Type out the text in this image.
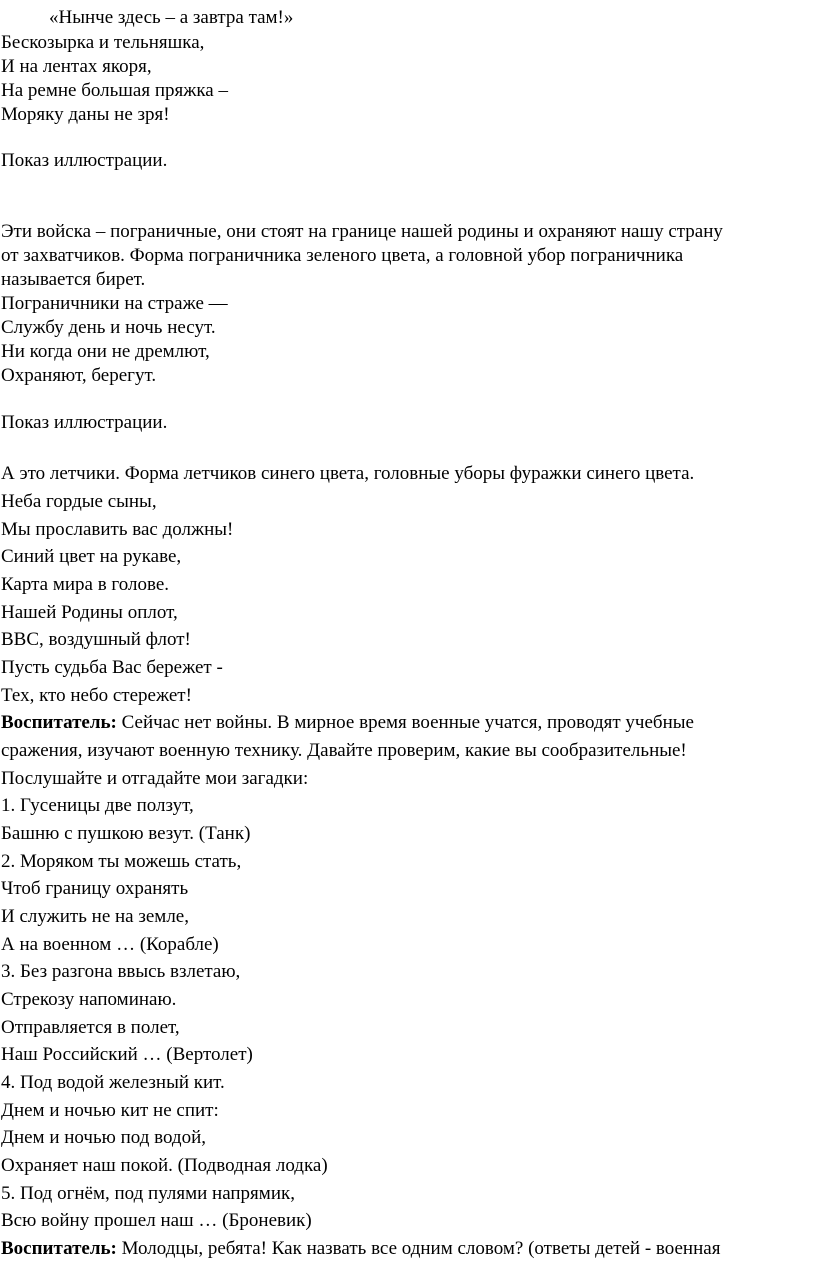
«Нынче здесь – а завтра там!»
Бескозырка и тельняшка,
И на лентах якоря,
На ремне большая пряжка –
Моряку даны не зря!
Показ иллюстрации.
Эти войска – пограничные, они стоят на границе нашей родины и охраняют нашу страну
от захватчиков. Форма пограничника зеленого цвета, а головной убор пограничника
называется бирет.
Пограничники на страже —
Службу день и ночь несут.
Ни когда они не дремлют,
Охраняют, берегут.
Показ иллюстрации.
А это летчики. Форма летчиков синего цвета, головные уборы фуражки синего цвета.
Неба гордые сыны,
Мы прославить вас должны!
Синий цвет на рукаве,
Карта мира в голове.
Нашей Родины оплот,
ВВС, воздушный флот!
Пусть судьба Вас бережет -
Тех, кто небо стережет!
Воспитатель: Сейчас нет войны. В мирное время военные учатся, проводят учебные
сражения, изучают военную технику. Давайте проверим, какие вы сообразительные!
Послушайте и отгадайте мои загадки:
1. Гусеницы две ползут,
Башню с пушкою везут. (Танк)
2. Моряком ты можешь стать,
Чтоб границу охранять
И служить не на земле,
А на военном … (Корабле)
3. Без разгона ввысь взлетаю,
Стрекозу напоминаю.
Отправляется в полет,
Наш Российский … (Вертолет)
4. Под водой железный кит.
Днем и ночью кит не спит:
Днем и ночью под водой,
Охраняет наш покой. (Подводная лодка)
5. Под огнём, под пулями напрямик,
Всю войну прошел наш … (Броневик)
Воспитатель: Молодцы, ребята! Как назвать все одним словом? (ответы детей - военная
